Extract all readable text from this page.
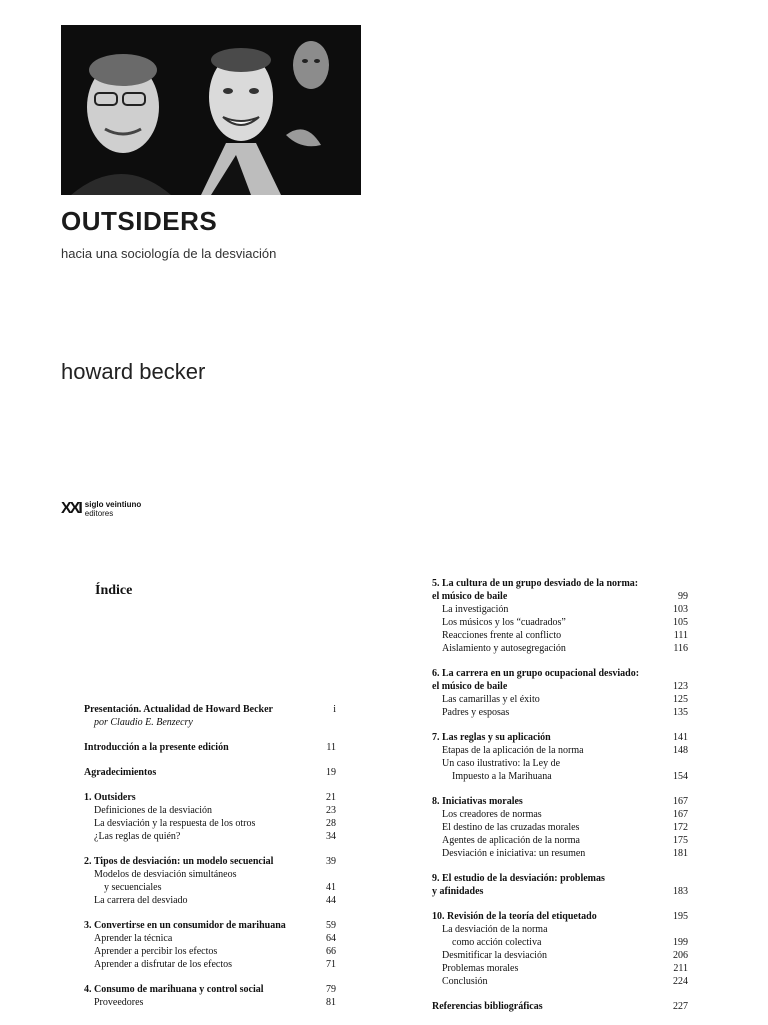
OUTSIDERS
hacia una sociología de la desviación
howard becker
XXI siglo veintiuno
editores
Índice
Presentación. Actualidad de Howard Becker	i
por Claudio E. Benzecry
Introducción a la presente edición	11
Agradecimientos	19
1. Outsiders	21
Definiciones de la desviación	23
La desviación y la respuesta de los otros	28
¿Las reglas de quién?	34
2. Tipos de desviación: un modelo secuencial	39
Modelos de desviación simultáneos
y secuenciales	41
La carrera del desviado	44
3. Convertirse en un consumidor de marihuana	59
Aprender la técnica	64
Aprender a percibir los efectos	66
Aprender a disfrutar de los efectos	71
4. Consumo de marihuana y control social	79
Proveedores	81
5. La cultura de un grupo desviado de la norma:
el músico de baile	99
La investigación	103
Los músicos y los “cuadrados”	105
Reacciones frente al conflicto	111
Aislamiento y autosegregación	116
6. La carrera en un grupo ocupacional desviado:
el músico de baile	123
Las camarillas y el éxito	125
Padres y esposas	135
7. Las reglas y su aplicación	141
Etapas de la aplicación de la norma	148
Un caso ilustrativo: la Ley de
Impuesto a la Marihuana	154
8. Iniciativas morales	167
Los creadores de normas	167
El destino de las cruzadas morales	172
Agentes de aplicación de la norma	175
Desviación e iniciativa: un resumen	181
9. El estudio de la desviación: problemas
y afinidades	183
10. Revisión de la teoría del etiquetado	195
La desviación de la norma
como acción colectiva	199
Desmitificar la desviación	206
Problemas morales	211
Conclusión	224
Referencias bibliográficas	227
